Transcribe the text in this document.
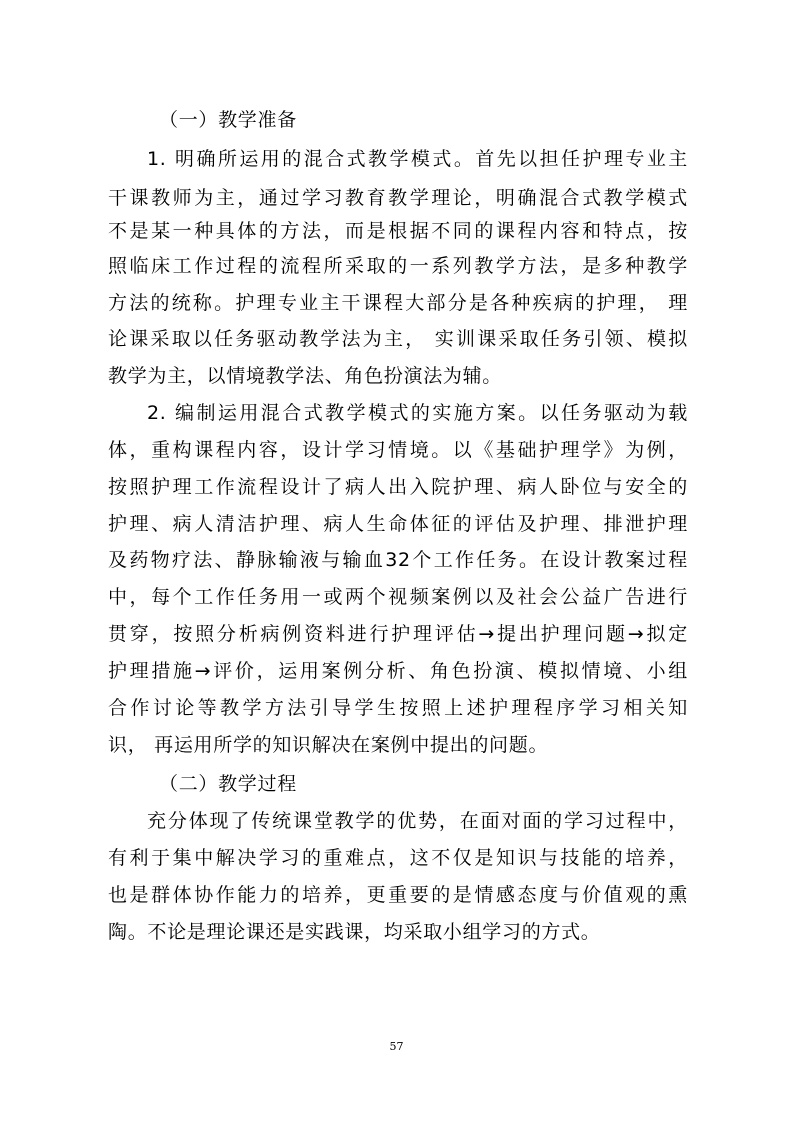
（一）教学准备

1. 明确所运用的混合式教学模式。首先以担任护理专业主

干课教师为主，通过学习教育教学理论，明确混合式教学模式

不是某一种具体的方法，而是根据不同的课程内容和特点，按

照临床工作过程的流程所采取的一系列教学方法，是多种教学

方法的统称。护理专业主干课程大部分是各种疾病的护理， 理

论课采取以任务驱动教学法为主， 实训课采取任务引领、模拟

教学为主，以情境教学法、角色扮演法为辅。

2. 编制运用混合式教学模式的实施方案。以任务驱动为载

体，重构课程内容，设计学习情境。以《基础护理学》为例，

按照护理工作流程设计了病人出入院护理、病人卧位与安全的

护理、病人清洁护理、病人生命体征的评估及护理、排泄护理

及药物疗法、静脉输液与输血32个工作任务。在设计教案过程

中，每个工作任务用一或两个视频案例以及社会公益广告进行

贯穿，按照分析病例资料进行护理评估→提出护理问题→拟定

护理措施→评价，运用案例分析、角色扮演、模拟情境、小组

合作讨论等教学方法引导学生按照上述护理程序学习相关知

识， 再运用所学的知识解决在案例中提出的问题。

（二）教学过程

充分体现了传统课堂教学的优势，在面对面的学习过程中，

有利于集中解决学习的重难点，这不仅是知识与技能的培养，

也是群体协作能力的培养，更重要的是情感态度与价值观的熏

陶。不论是理论课还是实践课，均采取小组学习的方式。

57
